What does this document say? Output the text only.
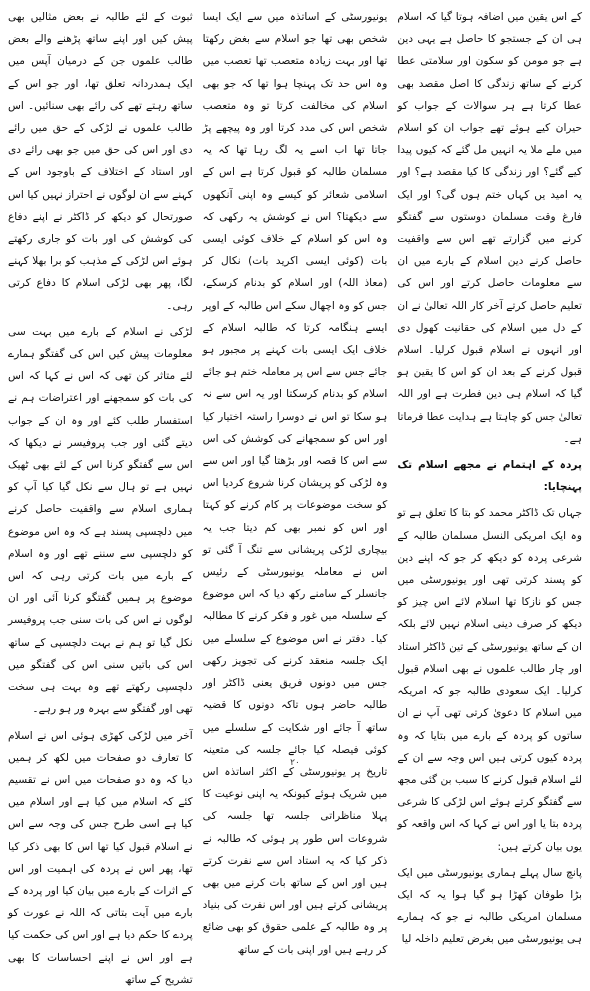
کے اس یقین میں اضافہ ہوتا گیا کہ اسلام ہی ان کے جستجو کا حاصل ہے یہی دین ہے جو مومن کو سکون اور سلامتی عطا کرنے کے ساتھ زندگی کا اصل مقصد بھی عطا کرتا ہے ہر سوالات کے جواب کو حیران کیے ہوئے تھے جواب ان کو اسلام میں ملے ملا یہ انہیں مل گئے کہ کیوں پیدا کیے گئے؟ اور زندگی کا کیا مقصد ہے؟ اور یہ امید یں کہاں ختم ہوں گی؟ اور ایک فارغ وقت مسلمان دوستوں سے گفتگو کرنے میں گزارتے تھے اس سے واقفیت حاصل کرنے دین اسلام کے بارے میں ان سے معلومات حاصل کرتے اور اس کی تعلیم حاصل کرتے آخر کار اللہ تعالیٰ نے ان کے دل میں اسلام کی حقانیت کھول دی اور انہوں نے اسلام قبول کرلیا۔ اسلام قبول کرنے کے بعد ان کو اس کا یقین ہو گیا کہ اسلام ہی دین فطرت ہے اور اللہ تعالیٰ جس کو چاہتا ہے ہدایت عطا فرماتا ہے۔

پردہ کے اہتمام نے مجھے اسلام تک پہنچایا:

جہاں تک ڈاکٹر محمد کو بتا کا تعلق ہے تو وہ ایک امریکی النسل مسلمان طالبہ کے شرعی پردہ کو دیکھ کر جو کہ اپنے دین کو پسند کرتی تھی اور یونیورسٹی میں جس کو نازکا تھا اسلام لائے اس چیز کو دیکھ کر صرف دینی اسلام نہیں لائے بلکہ ان کے ساتھ یونیورسٹی کے تین ڈاکٹر استاد اور چار طالب علموں نے بھی اسلام قبول کرلیا۔ ایک سعودی طالبہ جو کہ امریکہ میں اسلام کا دعویٰ کرتی تھی آپ نے ان ساتوں کو پردہ کے بارے میں بتایا کہ وہ پردہ کیوں کرتی ہیں اس وجہ سے ان کے لئے اسلام قبول کرنے کا سبب بن گئی مجھ سے گفتگو کرتے ہوئے اس لڑکی کا شرعی پردہ بتا یا اور اس نے کہا کہ اس واقعہ کو یوں بیان کرتے ہیں:

پانچ سال پہلے ہماری یونیورسٹی میں ایک بڑا طوفان کھڑا ہو گیا ہوا یہ کہ ایک مسلمان امریکی طالبہ نے جو کہ ہمارے ہی یونیورسٹی میں بغرض تعلیم داخلہ لیا

یونیورسٹی کے اساتذہ میں سے ایک ایسا شخص بھی تھا جو اسلام سے بغض رکھتا تھا اور بہت زیادہ متعصب تھا تعصب میں وہ اس حد تک پہنچا ہوا تھا کہ جو بھی اسلام کی مخالفت کرتا تو وہ متعصب شخص اس کی مدد کرتا اور وہ پیچھے پڑ جاتا تھا اب اسے یہ لگ رہا تھا کہ یہ مسلمان طالبہ کو قبول کرتا ہے اس کے اسلامی شعائر کو کیسے وہ اپنی آنکھوں سے دیکھتا؟ اس نے کوشش یہ رکھی کہ وہ اس کو اسلام کے خلاف کوئی ایسی بات (کوئی ایسی اکرید بات) نکال کر (معاذ اللہ) اور اسلام کو بدنام کرسکے، جس کو وہ اچھال سکے اس طالبہ کے اوپر ایسے ہنگامہ کرتا کہ طالبہ اسلام کے خلاف ایک ایسی بات کہنے پر مجبور ہو جائے جس سے اس پر معاملہ ختم ہو جائے اسلام کو بدنام کرسکتا اور یہ اس سے نہ ہو سکا تو اس نے دوسرا راستہ اختیار کیا اور اس کو سمجھانے کی کوشش کی اس سے اس کا قصہ اور بڑھتا گیا اور اس سے وہ لڑکی کو پریشان کرنا شروع کردیا اس کو سخت موضوعات پر کام کرنے کو کہتا اور اس کو نمبر بھی کم دیتا جب یہ بیچاری لڑکی پریشانی سے تنگ آ گئی تو اس نے معاملہ یونیورسٹی کے رئیس جانسلر کے سامنے رکھ دیا کہ اس موضوع کے سلسلہ میں غور و فکر کرنے کا مطالبہ کیا۔ دفتر نے اس موضوع کے سلسلے میں ایک جلسہ منعقد کرنے کی تجویز رکھی جس میں دونوں فریق یعنی ڈاکٹر اور طالبہ حاضر ہوں تاکہ دونوں کا قضیہ ساتھ آ جائے اور شکایت کے سلسلے میں کوئی فیصلہ کیا جائے جلسہ کی متعینہ تاریخ پر یونیورسٹی کے اکثر اساتذہ اس میں شریک ہوئے کیونکہ یہ اپنی نوعیت کا پہلا مناظراتی جلسہ تھا جلسہ کی شروعات اس طور پر ہوئی کہ طالبہ نے ذکر کیا کہ یہ استاد اس سے نفرت کرتے ہیں اور اس کے ساتھ بات کرنے میں بھی پریشانی کرتے ہیں اور اس نفرت کی بنیاد پر وہ طالبہ کے علمی حقوق کو بھی ضائع کر رہے ہیں اور اپنی بات کے ساتھ

ثبوت کے لئے طالبہ نے بعض مثالیں بھی پیش کیں اور اپنے ساتھ پڑھنے والے بعض طالب علموں جن کے درمیان آپس میں ایک ہمدردانہ تعلق تھا، اور جو اس کے ساتھ رہتے تھے کی رائے بھی سنائیں۔ اس طالب علموں نے لڑکی کے حق میں رائے دی اور اس کی حق میں جو بھی رائے دی اور استاد کے اختلاف کے باوجود اس کے کہنے سے ان لوگوں نے احتراز نہیں کیا اس صورتحال کو دیکھ کر ڈاکٹر نے اپنے دفاع کی کوشش کی اور بات کو جاری رکھتے ہوئے اس لڑکی کے مذہب کو برا بھلا کہنے لگا، پھر بھی لڑکی اسلام کا دفاع کرتی رہی۔

لڑکی نے اسلام کے بارے میں بہت سی معلومات پیش کیں اس کی گفتگو ہمارے لئے متاثر کن تھی کہ اس نے کہا کہ اس کی بات کو سمجھنے اور اعتراضات ہم نے استفسار طلب کئے اور وہ ان کے جواب دیتے گئی اور جب پروفیسر نے دیکھا کہ اس سے گفتگو کرنا اس کے لئے بھی ٹھیک نہیں ہے تو ہال سے نکل گیا کیا آپ کو ہماری اسلام سے واقفیت حاصل کرنے میں دلچسپی پسند ہے کہ وہ اس موضوع کو دلچسپی سے سننے تھے اور وہ اسلام کے بارے میں بات کرتی رہی کہ اس موضوع پر ہمیں گفتگو کرنا آئی اور ان لوگوں نے اس کی بات سنی جب پروفیسر نکل گیا تو ہم نے بہت دلچسپی کے ساتھ اس کی باتیں سنی اس کی گفتگو میں دلچسپی رکھتے تھے وہ بہت ہی سخت تھی اور گفتگو سے بہرہ ور ہو رہے۔

آخر میں لڑکی کھڑی ہوئی اس نے اسلام کا تعارف دو صفحات میں لکھ کر ہمیں دیا کہ وہ دو صفحات میں اس نے تقسیم کئے کہ اسلام میں کیا ہے اور اسلام میں کیا ہے اسی طرح جس کی وجہ سے اس نے اسلام قبول کیا تھا اس کا بھی ذکر کیا تھا، پھر اس نے پردہ کی اہمیت اور اس کے اثرات کے بارے میں بیان کیا اور پردہ کے بارے میں آیت بتاتی کہ اللہ نے عورت کو پردے کا حکم دیا ہے اور اس کی حکمت کیا ہے اور اس نے اپنے احساسات کا بھی تشریح کے ساتھ

۲۰
